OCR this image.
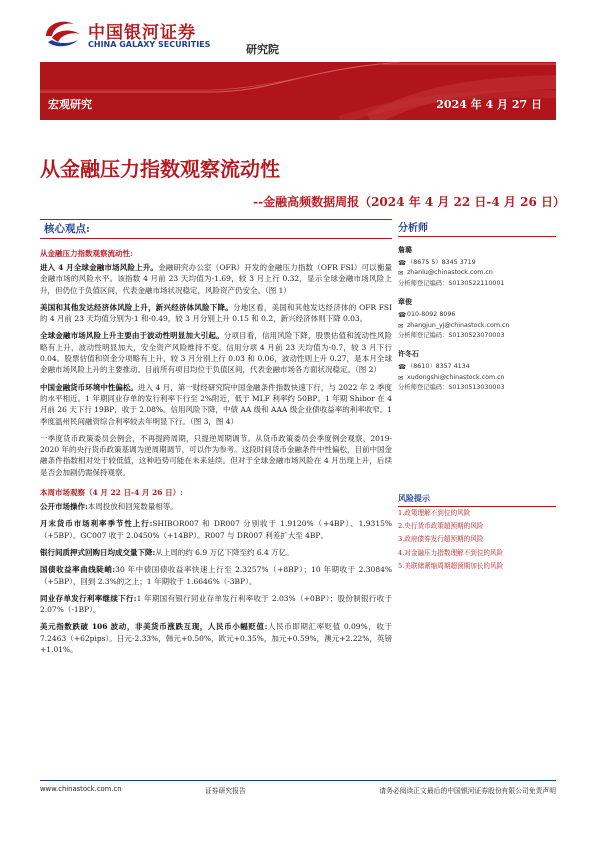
中国银河证券
CHINA GALAXY SECURITIES	研究院
宏观研究	2024 年 4 月 27 日
从金融压力指数观察流动性
--金融高频数据周报（2024 年 4 月 22 日-4 月 26 日）
核心观点:
从金融压力指数观察流动性:

进入 4 月全球金融市场风险上升。金融研究办公室（OFR）开发的金融压力指数（OFR FSI）可以衡量金融市场的风险水平。该指数 4 月前 23 天均值为-1.69，较 3 月上行 0.32，显示全球金融市场风险上升，但仍位于负值区间，代表金融市场状况稳定，风险资产仍安全。（图 1）

美国和其他发达经济体风险上升，新兴经济体风险下降。分地区看，美国和其他发达经济体的 OFR FSI 的 4 月前 23 天均值分别为-1 和-0.49，较 3 月分别上升 0.15 和 0.2，新兴经济体则下降 0.03。

全球金融市场风险上升主要由于波动性明显加大引起。分项目看，信用风险下降，股票估值和流动性风险略有上升，波动性明显加大，安全资产风险维持不变。信用分项 4 月前 23 天均值为-0.7，较 3 月下行 0.04。股票估值和资金分项略有上升，较 3 月分别上行 0.03 和 0.06，波动性则上升 0.27，是本月全球金融市场风险上升的主要推动。目前所有项目均位于负值区间，代表金融市场各方面状况稳定。（图 2）

中国金融货币环境中性偏松。进入 4 月，第一财经研究院中国金融条件指数快速下行，与 2022 年 2 季度的水平相近。1 年期同业存单的发行利率下行至 2%附近，低于 MLF 利率约 50BP。1 年期 Shibor 在 4 月前 26 天下行 19BP，收于 2.08%。信用风险下降，中债 AA 级和 AAA 级企业债收益率的利率收窄。1 季度温州民间融资综合利率较去年明显下行。（图 3，图 4）

一季度货币政策委员会例会，不再提跨周期，只提逆周期调节。从货币政策委员会季度例会观察，2019-2020 年的央行货币政策基调为逆周期调节，可以作为参考。这段时间货币金融条件中性偏松，目前中国金融条件指数相对处于较低值，这种趋势可能在未来延续。但对于全球金融市场风险在 4 月出现上升，后续是否会加剧仍需保持观察。

本周市场观察（4 月 22 日-4 月 26 日）:

公开市场操作:本周投放和回笼数量相等。

月末货币市场利率季节性上行:SHIBOR007 和 DR007 分别收于 1.9120%（+4BP）、1.9315%（+5BP）。GC007 收于 2.0450%（+14BP）。R007 与 DR007 利差扩大至 4BP。

银行间质押式回购日均成交量下降:从上周的约 6.9 万亿下降至约 6.4 万亿。

国债收益率曲线陡峭:30 年中债国债收益率快速上行至 2.3257%（+8BP）；10 年期收于 2.3084%（+5BP），回到 2.3%的之上；1 年期收于 1.6646%（-3BP）。

同业存单发行利率继续下行:1 年期国有银行同业存单发行利率收于 2.03%（+0BP）；股份制银行收于 2.07%（-1BP）。

美元指数跌破 106 波动，非美货币涨跌互现，人民币小幅贬值:人民币即期汇率贬值 0.09%，收于 7.2463（+62pips）。日元-2.33%，韩元+0.50%，欧元+0.35%，加元+0.59%，澳元+2.22%，英镑+1.01%。

分析师
詹璐
☎ （8675 5）8345 3719
✉ zhanlu@chinastock.com.cn
分析师登记编码：S0130522110001
章俊
☎ 010-8092 8096
✉ zhangjun_yj@chinastock.com.cn
分析师登记编码：S0130523070003
许冬石
☎ （8610）8357 4134
✉ xudongshi@chinastock.com.cn
分析师登记编码：S0130513030003
风险提示
1.政策理解不到位的风险
2.央行货币政策超预期的风险
3.政府债券发行超预期的风险
4.对金融压力指数理解不到位的风险
5.美联储紧缩周期超预期加长的风险
www.chinastock.com.cn	证券研究报告	请务必阅读正文最后的中国银河证券股份有限公司免责声明
